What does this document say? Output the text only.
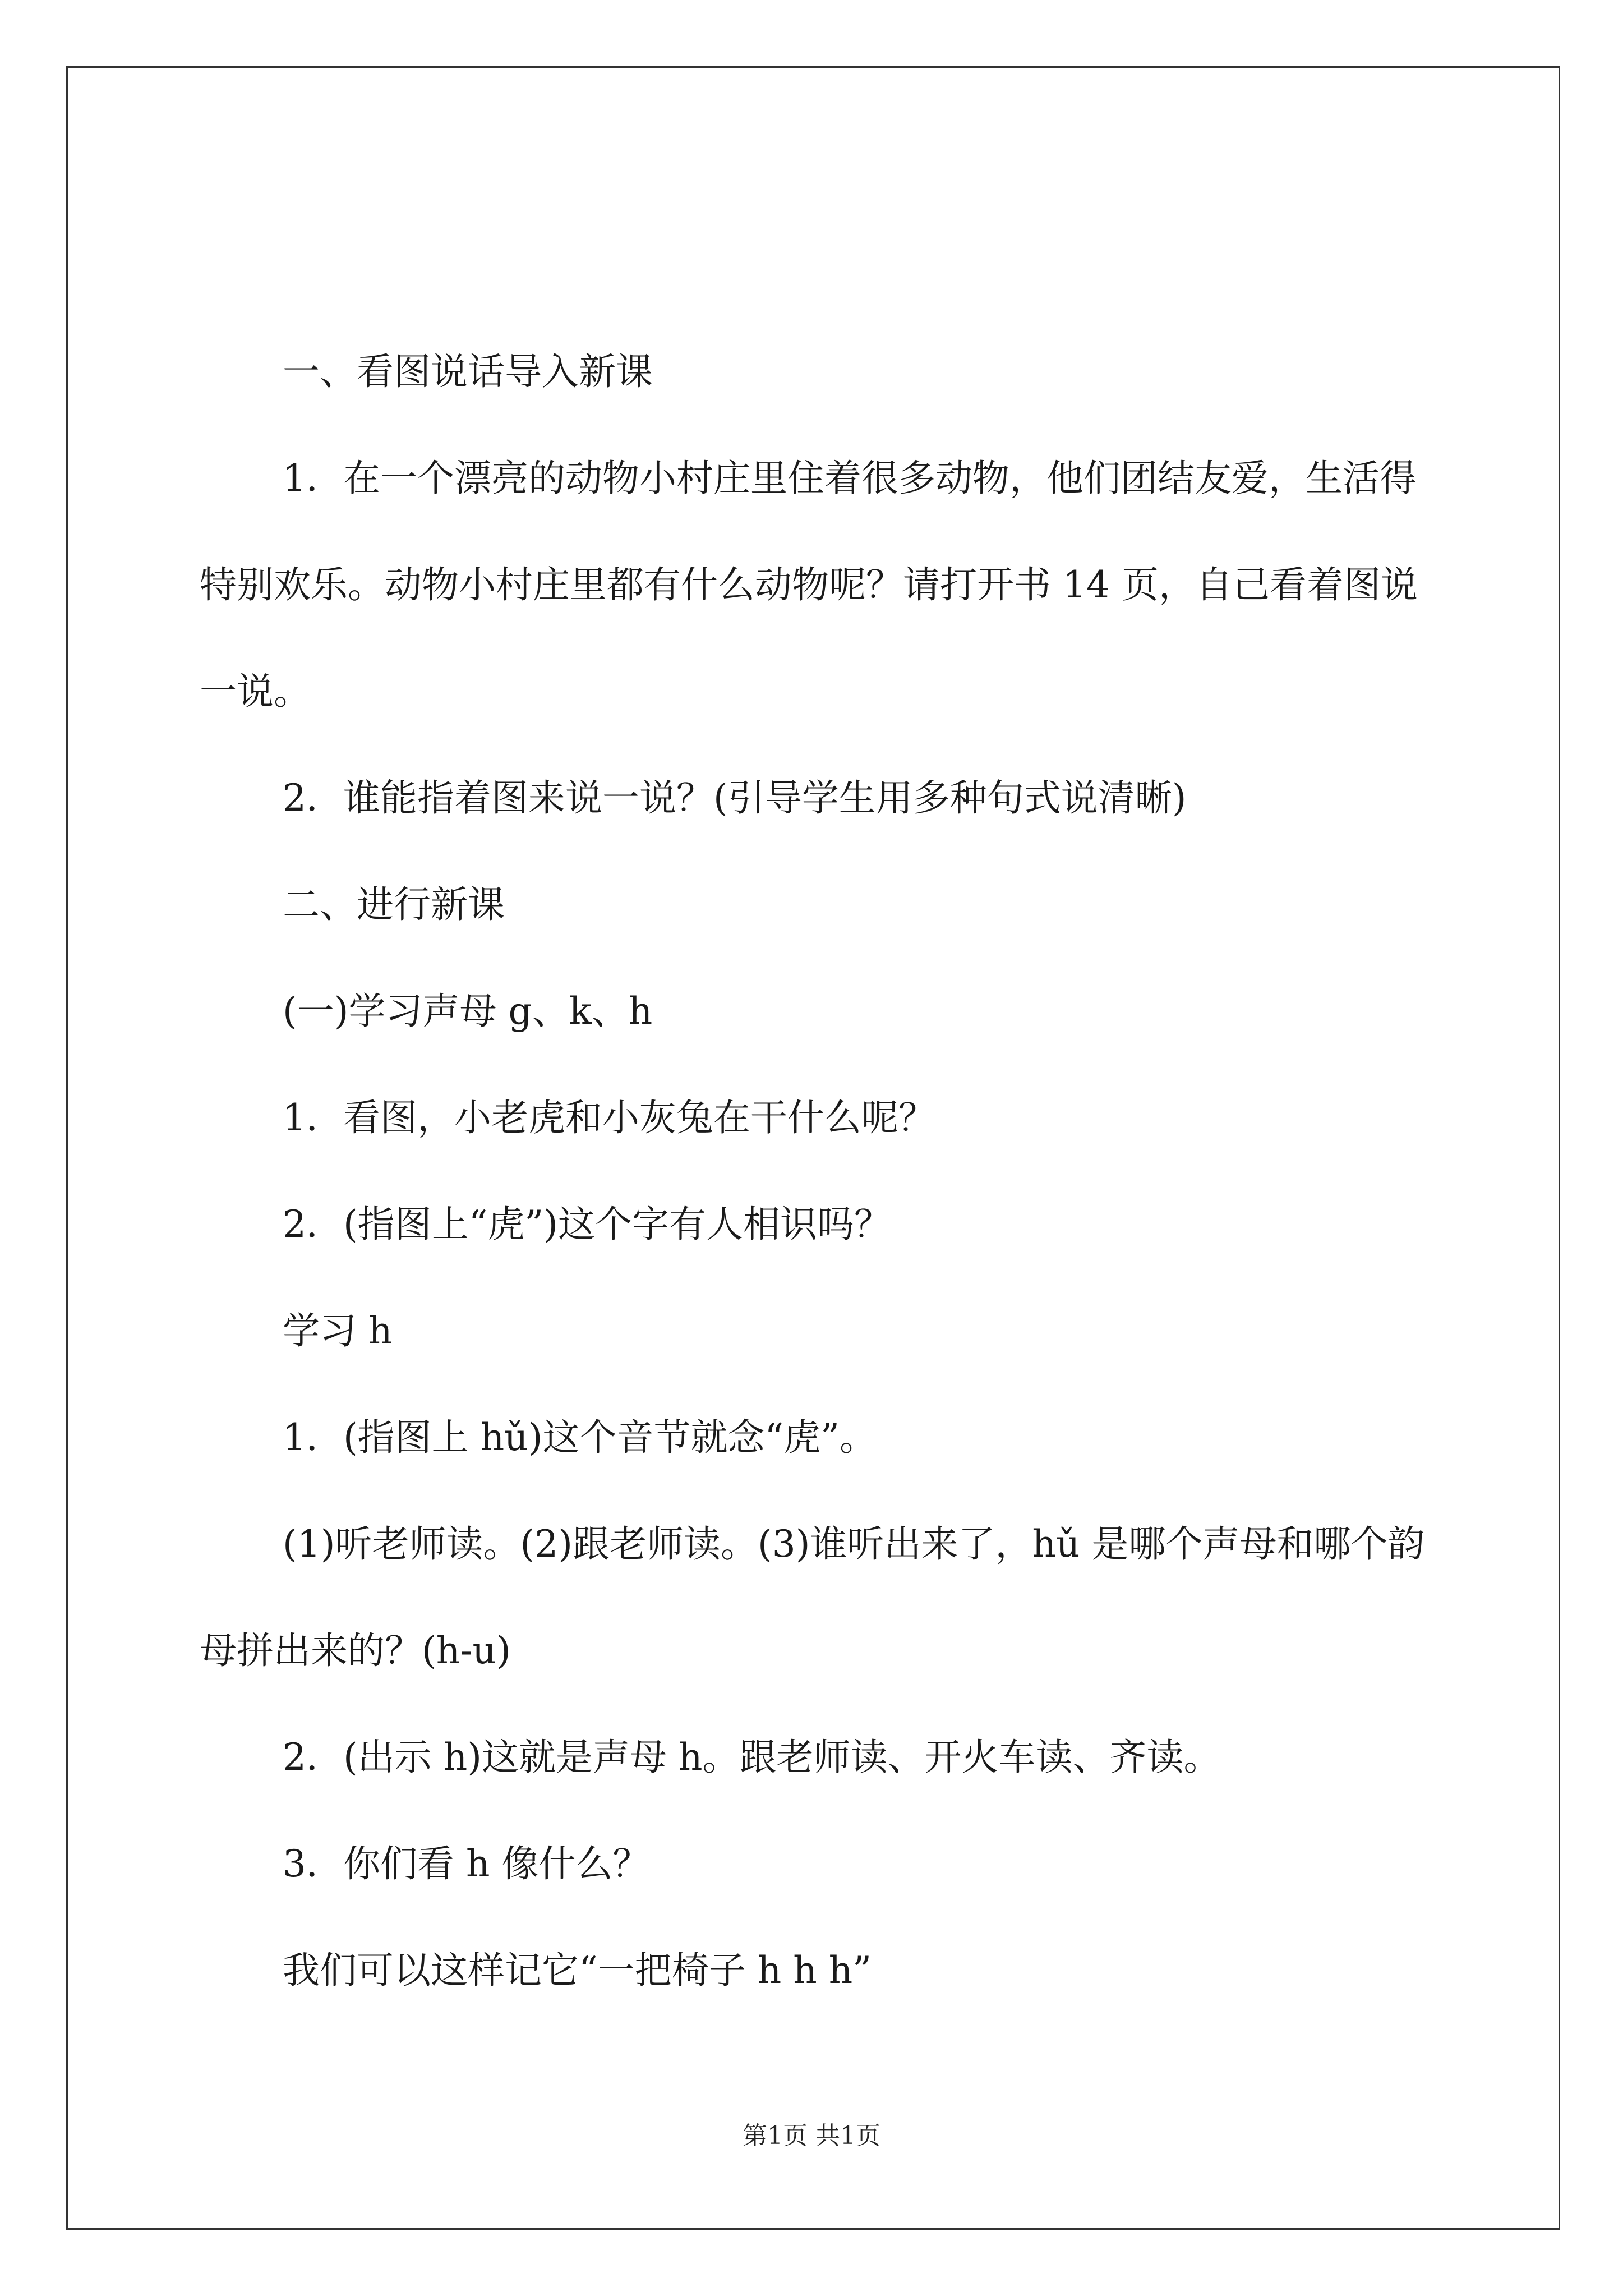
一、看图说话导入新课

1．在一个漂亮的动物小村庄里住着很多动物，他们团结友爱，生活得特别欢乐。动物小村庄里都有什么动物呢？请打开书 14 页，自己看着图说一说。

2．谁能指着图来说一说？(引导学生用多种句式说清晰)

二、进行新课

(一)学习声母 g、k、h

1．看图，小老虎和小灰兔在干什么呢？

2．(指图上“虎”)这个字有人相识吗？

学习 h

1．(指图上 hǔ)这个音节就念“虎”。

(1)听老师读。(2)跟老师读。(3)谁听出来了，hǔ 是哪个声母和哪个韵母拼出来的？(h-u)

2．(出示 h)这就是声母 h。跟老师读、开火车读、齐读。

3．你们看 h 像什么？

我们可以这样记它“一把椅子 h h h”

第1页 共1页
